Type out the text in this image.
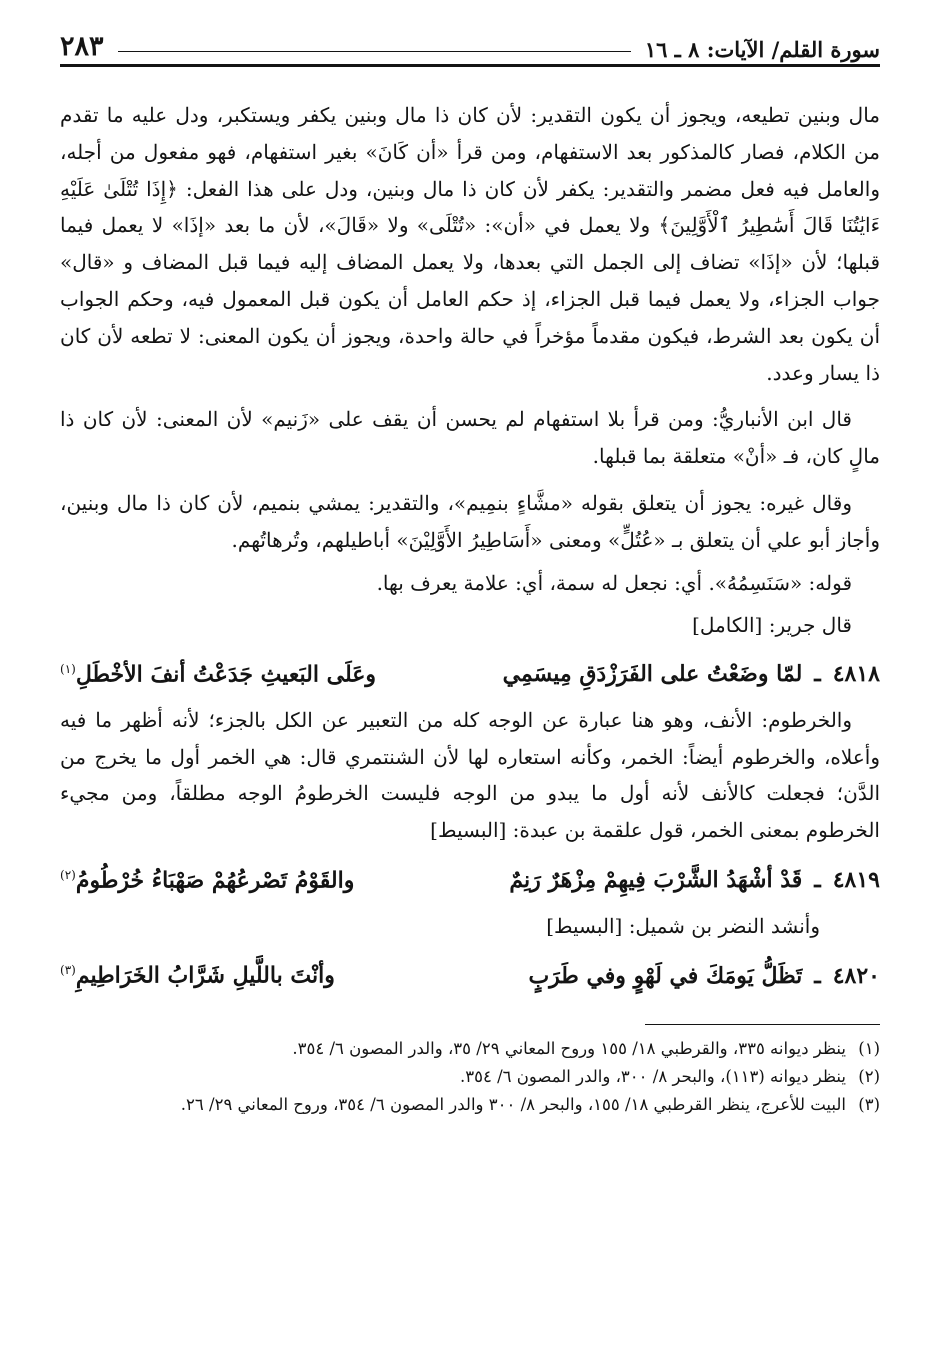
سورة القلم/ الآيات: ٨ ـ ١٦
٢٨٣

مال وبنين تطيعه، ويجوز أن يكون التقدير: لأن كان ذا مال وبنين يكفر ويستكبر، ودل عليه ما تقدم من الكلام، فصار كالمذكور بعد الاستفهام، ومن قرأ «أن كَانَ» بغير استفهام، فهو مفعول من أجله، والعامل فيه فعل مضمر والتقدير: يكفر لأن كان ذا مال وبنين، ودل على هذا الفعل: ﴿إِذَا تُتْلَىٰ عَلَيْهِ ءَايَٰتُنَا قَالَ أَسَٰطِيرُ ٱلْأَوَّلِينَ﴾ ولا يعمل في «أن»: «تُتْلَى» ولا «قَالَ»، لأن ما بعد «إذَا» لا يعمل فيما قبلها؛ لأن «إذَا» تضاف إلى الجمل التي بعدها، ولا يعمل المضاف إليه فيما قبل المضاف و «قال» جواب الجزاء، ولا يعمل فيما قبل الجزاء، إذ حكم العامل أن يكون قبل المعمول فيه، وحكم الجواب أن يكون بعد الشرط، فيكون مقدماً مؤخراً في حالة واحدة، ويجوز أن يكون المعنى: لا تطعه لأن كان ذا يسار وعدد.

قال ابن الأنباريُّ: ومن قرأ بلا استفهام لم يحسن أن يقف على «زَنيم» لأن المعنى: لأن كان ذا مالٍ كان، فـ «أنْ» متعلقة بما قبلها.

وقال غيره: يجوز أن يتعلق بقوله «مشَّاءٍ بنمِيم»، والتقدير: يمشي بنميم، لأن كان ذا مال وبنين، وأجاز أبو علي أن يتعلق بـ «عُتُلٍّ» ومعنى «أَسَاطِيرُ الأَوَّلِيْنَ» أباطيلهم، وتُرهاتُهم.

قوله: «سَنَسِمُهُ». أي: نجعل له سمة، أي: علامة يعرف بها.

قال جرير: [الكامل]

٤٨١٨
ـ
لمّا وضَعْتُ على الفَرَزْدَقِ مِيسَمِي
وعَلَى البَعيثِ جَدَعْتُ أنفَ الأخْطَلِ$^{(١)}$

والخرطوم: الأنف، وهو هنا عبارة عن الوجه كله من التعبير عن الكل بالجزء؛ لأنه أظهر ما فيه وأعلاه، والخرطوم أيضاً: الخمر، وكأنه استعاره لها لأن الشنتمري قال: هي الخمر أول ما يخرج من الدَّن؛ فجعلت كالأنف لأنه أول ما يبدو من الوجه فليست الخرطومُ الوجه مطلقاً، ومن مجيء الخرطوم بمعنى الخمر، قول علقمة بن عبدة: [البسيط]

٤٨١٩
ـ
قَدْ أشْهَدُ الشَّرْبَ فِيهِمْ مِزْهَرٌ رَنِمٌ
والقَوْمُ تَصْرعُهُمْ صَهْبَاءُ خُرْطُومُ$^{(٢)}$

وأنشد النضر بن شميل: [البسيط]

٤٨٢٠
ـ
تَظَلُّ يَومَكَ في لَهْوٍ وفي طَرَبٍ
وأنْتَ باللَّيلِ شَرَّابُ الخَرَاطِيمِ$^{(٣)}$
(١)
ينظر ديوانه ٣٣٥، والقرطبي ١٨/ ١٥٥ وروح المعاني ٢٩/ ٣٥، والدر المصون ٦/ ٣٥٤.
(٢)
ينظر ديوانه (١١٣)، والبحر ٨/ ٣٠٠، والدر المصون ٦/ ٣٥٤.
(٣)
البيت للأعرج، ينظر القرطبي ١٨/ ١٥٥، والبحر ٨/ ٣٠٠ والدر المصون ٦/ ٣٥٤، وروح المعاني ٢٩/ ٢٦.
